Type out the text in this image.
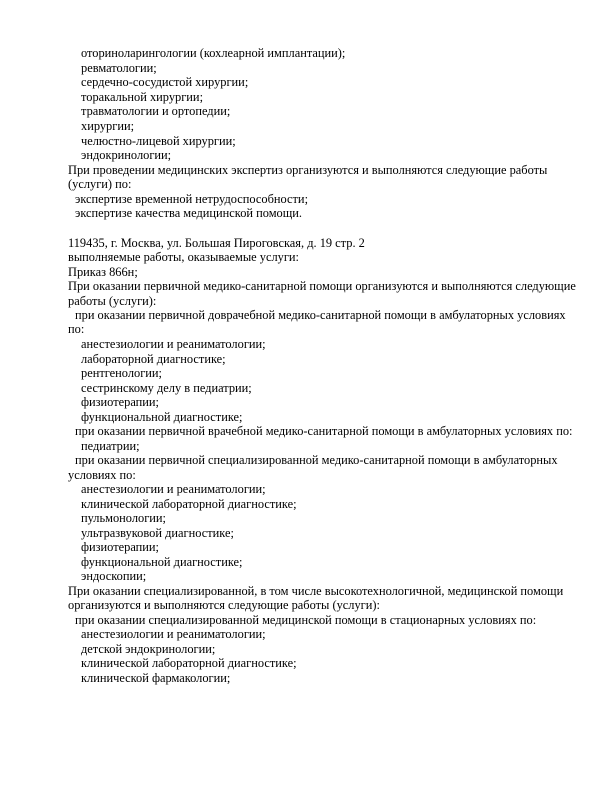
оториноларингологии (кохлеарной имплантации);
ревматологии;
сердечно-сосудистой хирургии;
торакальной хирургии;
травматологии и ортопедии;
хирургии;
челюстно-лицевой хирургии;
эндокринологии;
При проведении медицинских экспертиз организуются и выполняются следующие работы
(услуги) по:
экспертизе временной нетрудоспособности;
экспертизе качества медицинской помощи.
119435, г. Москва, ул. Большая Пироговская, д. 19 стр. 2
выполняемые работы, оказываемые услуги:
Приказ 866н;
При оказании первичной медико-санитарной помощи организуются и выполняются следующие
работы (услуги):
при оказании первичной доврачебной медико-санитарной помощи в амбулаторных условиях
по:
анестезиологии и реаниматологии;
лабораторной диагностике;
рентгенологии;
сестринскому делу в педиатрии;
физиотерапии;
функциональной диагностике;
при оказании первичной врачебной медико-санитарной помощи в амбулаторных условиях по:
педиатрии;
при оказании первичной специализированной медико-санитарной помощи в амбулаторных
условиях по:
анестезиологии и реаниматологии;
клинической лабораторной диагностике;
пульмонологии;
ультразвуковой диагностике;
физиотерапии;
функциональной диагностике;
эндоскопии;
При оказании специализированной, в том числе высокотехнологичной, медицинской помощи
организуются и выполняются следующие работы (услуги):
при оказании специализированной медицинской помощи в стационарных условиях по:
анестезиологии и реаниматологии;
детской эндокринологии;
клинической лабораторной диагностике;
клинической фармакологии;
